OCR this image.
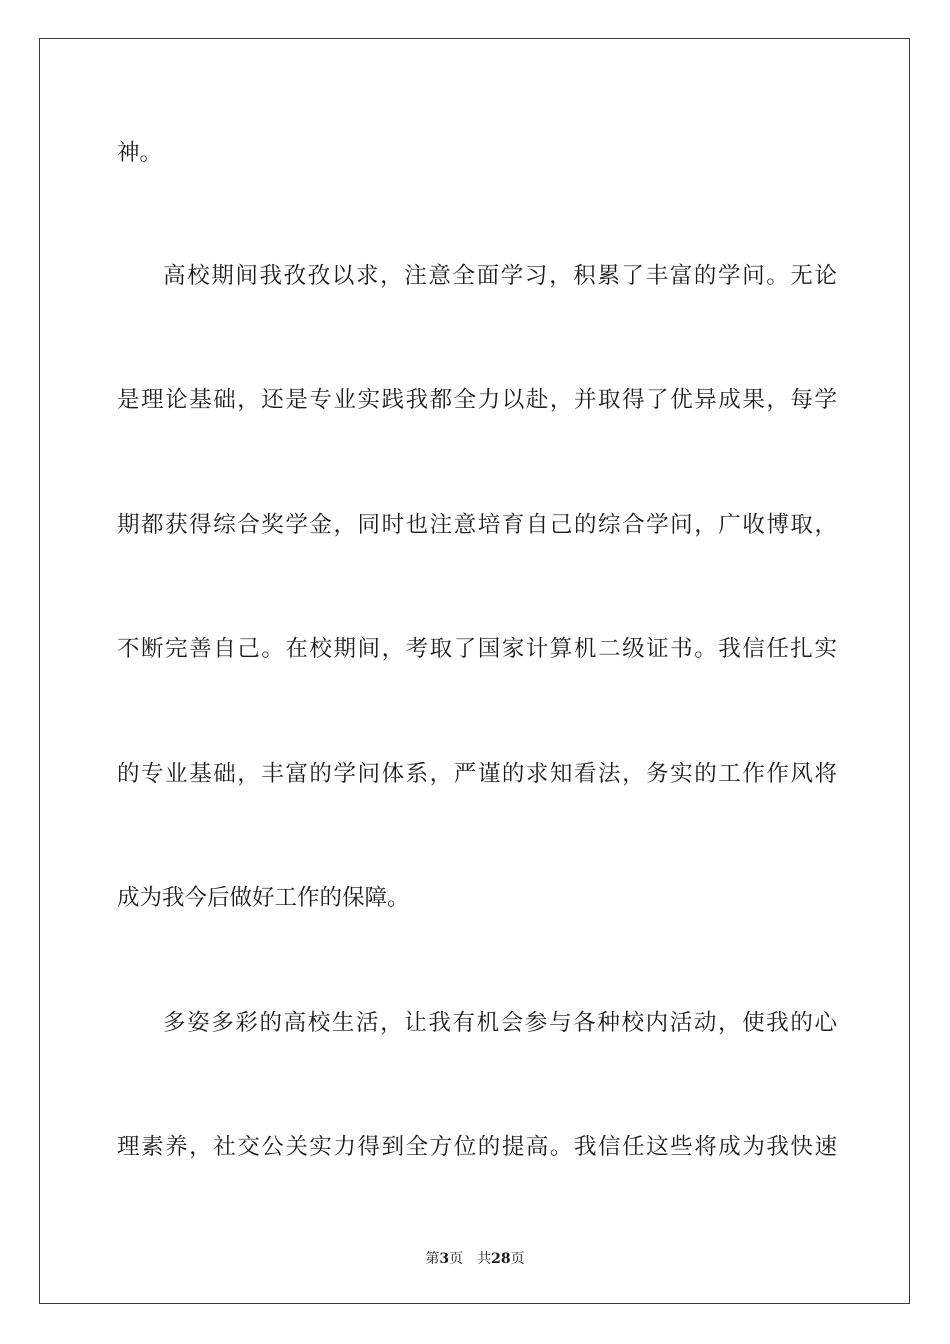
神。
高校期间我孜孜以求，注意全面学习，积累了丰富的学问。无论
是理论基础，还是专业实践我都全力以赴，并取得了优异成果，每学
期都获得综合奖学金，同时也注意培育自己的综合学问，广收博取，
不断完善自己。在校期间，考取了国家计算机二级证书。我信任扎实
的专业基础，丰富的学问体系，严谨的求知看法，务实的工作作风将
成为我今后做好工作的保障。
多姿多彩的高校生活，让我有机会参与各种校内活动，使我的心
理素养，社交公关实力得到全方位的提高。我信任这些将成为我快速
第3页 共28页
